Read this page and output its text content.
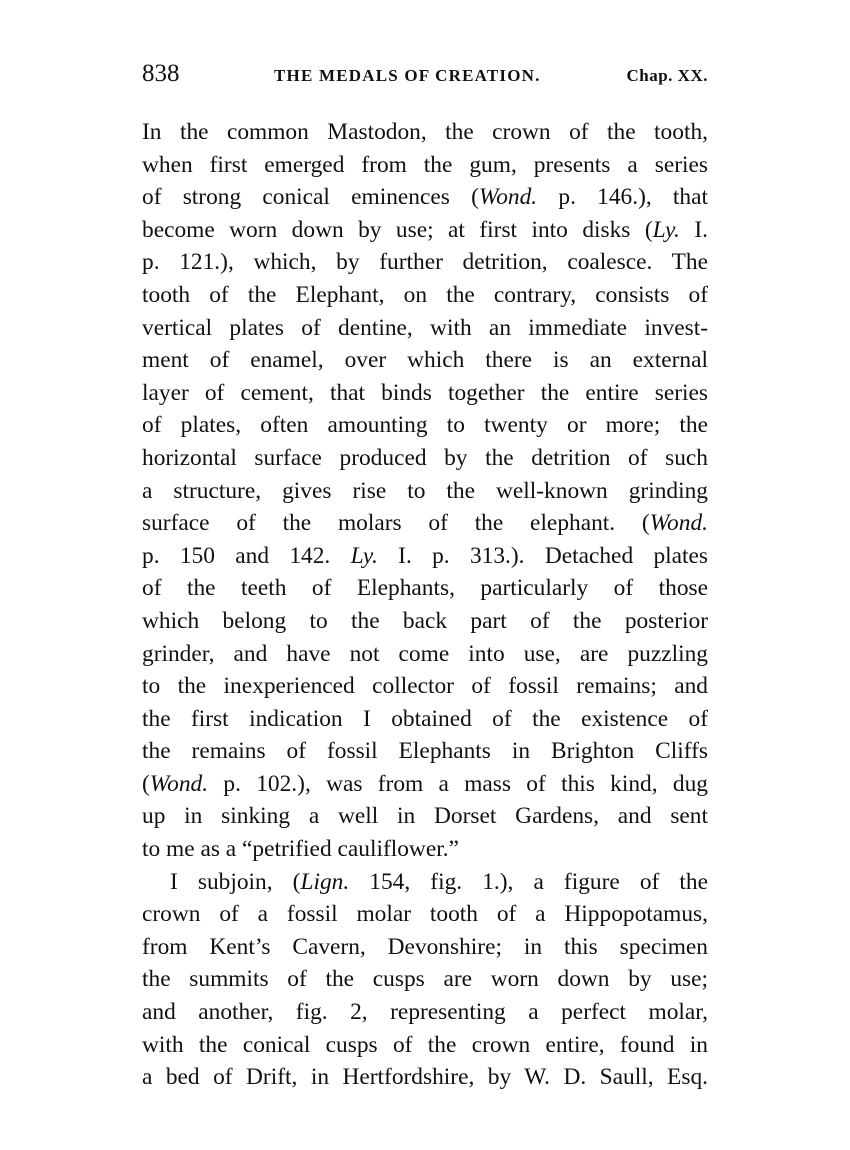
838	THE MEDALS OF CREATION.	Chap. XX.
In the common Mastodon, the crown of the tooth,
when first emerged from the gum, presents a series
of strong conical eminences (Wond. p. 146.), that
become worn down by use; at first into disks (Ly. I.
p. 121.), which, by further detrition, coalesce. The
tooth of the Elephant, on the contrary, consists of
vertical plates of dentine, with an immediate invest-
ment of enamel, over which there is an external
layer of cement, that binds together the entire series
of plates, often amounting to twenty or more; the
horizontal surface produced by the detrition of such
a structure, gives rise to the well-known grinding
surface of the molars of the elephant. (Wond.
p. 150 and 142. Ly. I. p. 313.). Detached plates
of the teeth of Elephants, particularly of those
which belong to the back part of the posterior
grinder, and have not come into use, are puzzling
to the inexperienced collector of fossil remains; and
the first indication I obtained of the existence of
the remains of fossil Elephants in Brighton Cliffs
(Wond. p. 102.), was from a mass of this kind, dug
up in sinking a well in Dorset Gardens, and sent
to me as a “petrified cauliflower.”
I subjoin, (Lign. 154, fig. 1.), a figure of the
crown of a fossil molar tooth of a Hippopotamus,
from Kent’s Cavern, Devonshire; in this specimen
the summits of the cusps are worn down by use;
and another, fig. 2, representing a perfect molar,
with the conical cusps of the crown entire, found in
a bed of Drift, in Hertfordshire, by W. D. Saull, Esq.
